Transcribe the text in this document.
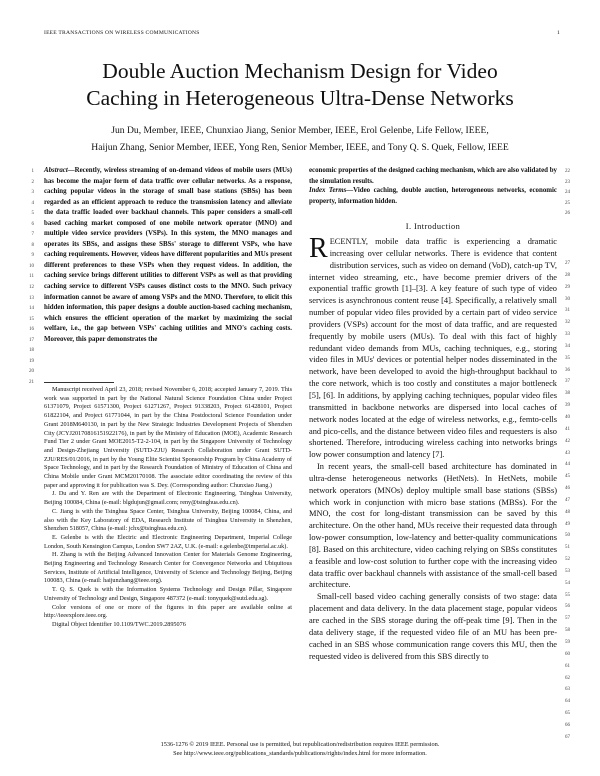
IEEE TRANSACTIONS ON WIRELESS COMMUNICATIONS	1
Double Auction Mechanism Design for Video
Caching in Heterogeneous Ultra-Dense Networks
Jun Du, Member, IEEE, Chunxiao Jiang, Senior Member, IEEE, Erol Gelenbe, Life Fellow, IEEE,
Haijun Zhang, Senior Member, IEEE, Yong Ren, Senior Member, IEEE, and Tony Q. S. Quek, Fellow, IEEE
1
2
3
4
5
6
7
8
9
10
11
12
13
14
15
16
17
18
19
20
21
Abstract—Recently, wireless streaming of on-demand videos of mobile users (MUs) has become the major form of data traffic over cellular networks. As a response, caching popular videos in the storage of small base stations (SBSs) has been regarded as an efficient approach to reduce the transmission latency and alleviate the data traffic loaded over backhaul channels. This paper considers a small-cell based caching market composed of one mobile network operator (MNO) and multiple video service providers (VSPs). In this system, the MNO manages and operates its SBSs, and assigns these SBSs' storage to different VSPs, who have caching requirements. However, videos have different popularities and MUs present different preferences to these VSPs when they request videos. In addition, the caching service brings different utilities to different VSPs as well as that providing caching service to different VSPs causes distinct costs to the MNO. Such privacy information cannot be aware of among VSPs and the MNO. Therefore, to elicit this hidden information, this paper designs a double auction-based caching mechanism, which ensures the efficient operation of the market by maximizing the social welfare, i.e., the gap between VSPs' caching utilities and MNO's caching costs. Moreover, this paper demonstrates the

Manuscript received April 23, 2018; revised November 6, 2018; accepted January 7, 2019. This work was supported in part by the National Natural Science Foundation China under Project 61371079, Project 61571300, Project 61271267, Project 91338203, Project 61428101, Project 61822104, and Project 61771044, in part by the China Postdoctoral Science Foundation under Grant 2018M640130, in part by the New Strategic Industries Development Projects of Shenzhen City (JCYJ20170816151922176), in part by the Ministry of Education (MOE), Academic Research Fund Tier 2 under Grant MOE2015-T2-2-104, in part by the Singapore University of Technology and Design-Zhejiang University (SUTD-ZJU) Research Collaboration under Grant SUTD-ZJU/RES/01/2016, in part by the Young Elite Scientist Sponsorship Program by China Academy of Space Technology, and in part by the Research Foundation of Ministry of Education of China and China Mobile under Grant MCM20170108. The associate editor coordinating the review of this paper and approving it for publication was S. Dey. (Corresponding author: Chunxiao Jiang.)

J. Du and Y. Ren are with the Department of Electronic Engineering, Tsinghua University, Beijing 100084, China (e-mail: blgdujun@gmail.com; reny@tsinghua.edu.cn).

C. Jiang is with the Tsinghua Space Center, Tsinghua University, Beijing 100084, China, and also with the Key Laboratory of EDA, Research Institute of Tsinghua University in Shenzhen, Shenzhen 518057, China (e-mail: jchx@tsinghua.edu.cn).

E. Gelenbe is with the Electric and Electronic Engineering Department, Imperial College London, South Kensington Campus, London SW7 2AZ, U.K. (e-mail: e.gelenbe@imperial.ac.uk).

H. Zhang is with the Beijing Advanced Innovation Center for Materials Genome Engineering, Beijing Engineering and Technology Research Center for Convergence Networks and Ubiquitous Services, Institute of Artificial Intelligence, University of Science and Technology Beijing, Beijing 100083, China (e-mail: haijunzhang@ieee.org).

T. Q. S. Quek is with the Information Systems Technology and Design Pillar, Singapore University of Technology and Design, Singapore 487372 (e-mail: tonyquek@sutd.edu.sg).

Color versions of one or more of the figures in this paper are available online at http://ieeexplore.ieee.org.

Digital Object Identifier 10.1109/TWC.2019.2895076

22
23
24
25
26
economic properties of the designed caching mechanism, which are also validated by the simulation results.
Index Terms—Video caching, double auction, heterogeneous networks, economic property, information hidden.
I. Introduction
27
28
29
30
31
32
33
34
35
36
37
38
39
40
41
42
43
44
45
46
47
48
49
50
51
52
53
54
55
56
57
58
59
60
61
62
63
64
65
66
67

RECENTLY, mobile data traffic is experiencing a dramatic increasing over cellular networks. There is evidence that content distribution services, such as video on demand (VoD), catch-up TV, internet video streaming, etc., have become premier drivers of the exponential traffic growth [1]–[3]. A key feature of such type of video services is asynchronous content reuse [4]. Specifically, a relatively small number of popular video files provided by a certain part of video service providers (VSPs) account for the most of data traffic, and are requested frequently by mobile users (MUs). To deal with this fact of highly redundant video demands from MUs, caching techniques, e.g., storing video files in MUs' devices or potential helper nodes disseminated in the network, have been developed to avoid the high-throughput backhaul to the core network, which is too costly and constitutes a major bottleneck [5], [6]. In additions, by applying caching techniques, popular video files transmitted in backbone networks are dispersed into local caches of network nodes located at the edge of wireless networks, e.g., femto-cells and pico-cells, and the distance between video files and requesters is also shortened. Therefore, introducing wireless caching into networks brings low power consumption and latency [7].

In recent years, the small-cell based architecture has dominated in ultra-dense heterogeneous networks (HetNets). In HetNets, mobile network operators (MNOs) deploy multiple small base stations (SBSs) which work in conjunction with micro base stations (MBSs). For the MNO, the cost for long-distant transmission can be saved by this architecture. On the other hand, MUs receive their requested data through low-power consumption, low-latency and better-quality communications [8]. Based on this architecture, video caching relying on SBSs constitutes a feasible and low-cost solution to further cope with the increasing video data traffic over backhaul channels with assistance of the small-cell based architecture.

Small-cell based video caching generally consists of two stage: data placement and data delivery. In the data placement stage, popular videos are cached in the SBS storage during the off-peak time [9]. Then in the data delivery stage, if the requested video file of an MU has been pre-cached in an SBS whose communication range covers this MU, then the requested video is delivered from this SBS directly to

1536-1276 © 2019 IEEE. Personal use is permitted, but republication/redistribution requires IEEE permission.
See http://www.ieee.org/publications_standards/publications/rights/index.html for more information.
